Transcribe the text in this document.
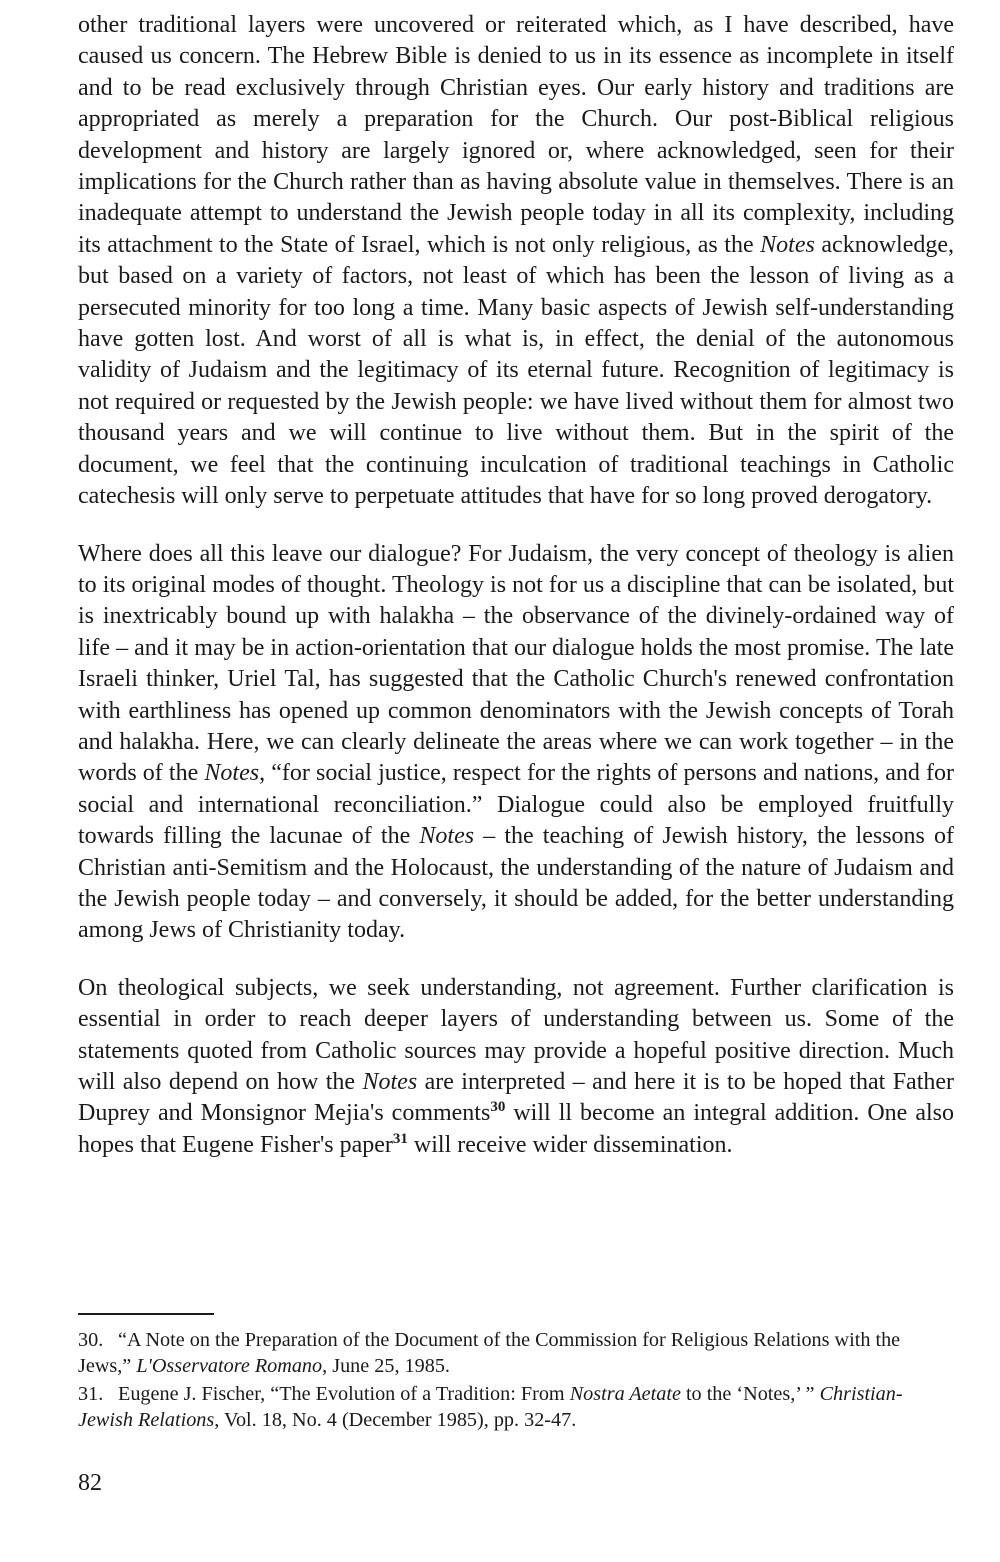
other traditional layers were uncovered or reiterated which, as I have described, have caused us concern. The Hebrew Bible is denied to us in its essence as incomplete in itself and to be read exclusively through Christian eyes. Our early history and traditions are appropriated as merely a preparation for the Church. Our post-Biblical religious development and history are largely ignored or, where acknowledged, seen for their implications for the Church rather than as having absolute value in themselves. There is an inadequate attempt to understand the Jewish people today in all its complexity, including its attachment to the State of Israel, which is not only religious, as the Notes acknowledge, but based on a variety of factors, not least of which has been the lesson of living as a persecuted minority for too long a time. Many basic aspects of Jewish self-understanding have gotten lost. And worst of all is what is, in effect, the denial of the autonomous validity of Judaism and the legitimacy of its eternal future. Recognition of legitimacy is not required or requested by the Jewish people: we have lived without them for almost two thousand years and we will continue to live without them. But in the spirit of the document, we feel that the continuing inculcation of traditional teachings in Catholic catechesis will only serve to perpetuate attitudes that have for so long proved derogatory.

Where does all this leave our dialogue? For Judaism, the very concept of theology is alien to its original modes of thought. Theology is not for us a discipline that can be isolated, but is inextricably bound up with halakha – the observance of the divinely-ordained way of life – and it may be in action-orientation that our dialogue holds the most promise. The late Israeli thinker, Uriel Tal, has suggested that the Catholic Church's renewed confrontation with earthliness has opened up common denominators with the Jewish concepts of Torah and halakha. Here, we can clearly delineate the areas where we can work together – in the words of the Notes, “for social justice, respect for the rights of persons and nations, and for social and international reconciliation.” Dialogue could also be employed fruitfully towards filling the lacunae of the Notes – the teaching of Jewish history, the lessons of Christian anti-Semitism and the Holocaust, the understanding of the nature of Judaism and the Jewish people today – and conversely, it should be added, for the better understanding among Jews of Christianity today.

On theological subjects, we seek understanding, not agreement. Further clarification is essential in order to reach deeper layers of understanding between us. Some of the statements quoted from Catholic sources may provide a hopeful positive direction. Much will also depend on how the Notes are interpreted – and here it is to be hoped that Father Duprey and Monsignor Mejia's comments$^{30}$ will ll become an integral addition. One also hopes that Eugene Fisher's paper$^{31}$ will receive wider dissemination.

30. “A Note on the Preparation of the Document of the Commission for Religious Relations with the Jews,” L'Osservatore Romano, June 25, 1985.

31. Eugene J. Fischer, “The Evolution of a Tradition: From Nostra Aetate to the ‘Notes,’ ” Christian-Jewish Relations, Vol. 18, No. 4 (December 1985), pp. 32-47.

82
